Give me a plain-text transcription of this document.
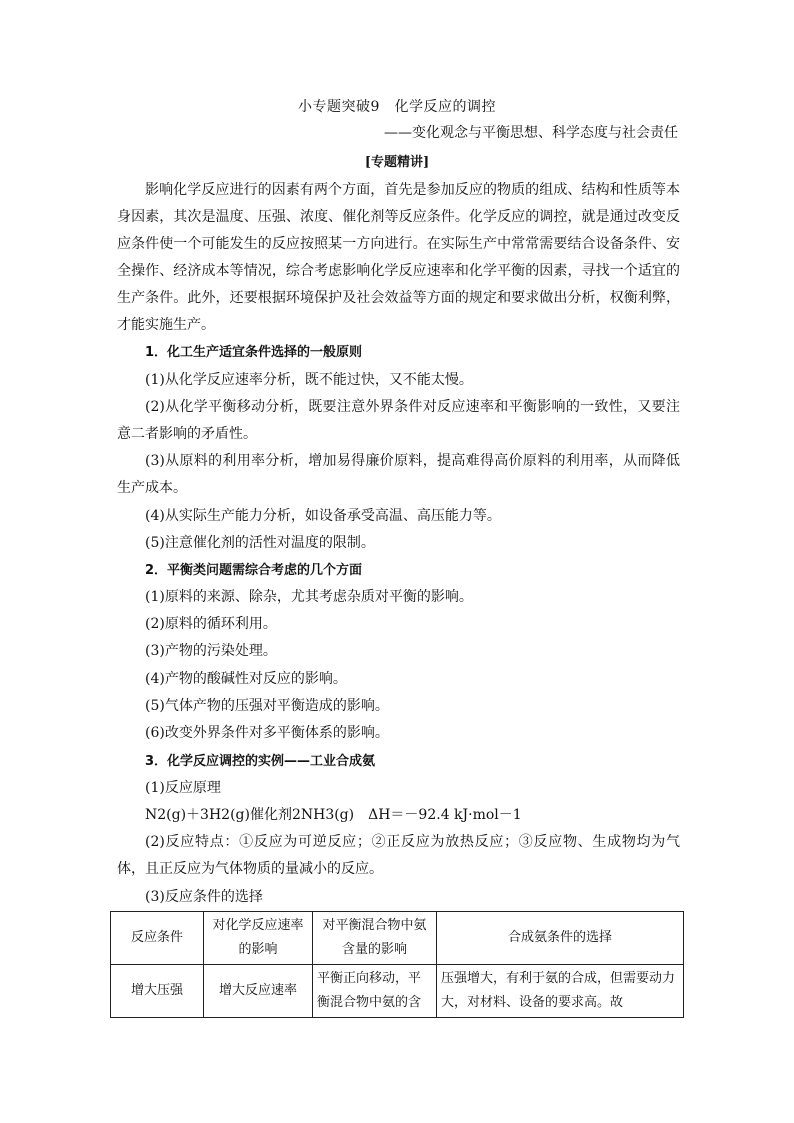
小专题突破9　化学反应的调控
——变化观念与平衡思想、科学态度与社会责任
[专题精讲]
影响化学反应进行的因素有两个方面，首先是参加反应的物质的组成、结构和性质等本身因素，其次是温度、压强、浓度、催化剂等反应条件。化学反应的调控，就是通过改变反应条件使一个可能发生的反应按照某一方向进行。在实际生产中常常需要结合设备条件、安全操作、经济成本等情况，综合考虑影响化学反应速率和化学平衡的因素，寻找一个适宜的生产条件。此外，还要根据环境保护及社会效益等方面的规定和要求做出分析，权衡利弊，才能实施生产。
1．化工生产适宜条件选择的一般原则
(1)从化学反应速率分析，既不能过快，又不能太慢。
(2)从化学平衡移动分析，既要注意外界条件对反应速率和平衡影响的一致性，又要注意二者影响的矛盾性。
(3)从原料的利用率分析，增加易得廉价原料，提高难得高价原料的利用率，从而降低生产成本。
(4)从实际生产能力分析，如设备承受高温、高压能力等。
(5)注意催化剂的活性对温度的限制。
2．平衡类问题需综合考虑的几个方面
(1)原料的来源、除杂，尤其考虑杂质对平衡的影响。
(2)原料的循环利用。
(3)产物的污染处理。
(4)产物的酸碱性对反应的影响。
(5)气体产物的压强对平衡造成的影响。
(6)改变外界条件对多平衡体系的影响。
3．化学反应调控的实例——工业合成氨
(1)反应原理
N2(g)＋3H2(g)催化剂2NH3(g)　ΔH＝－92.4 kJ·mol－1
(2)反应特点：①反应为可逆反应；②正反应为放热反应；③反应物、生成物均为气体，且正反应为气体物质的量减小的反应。
(3)反应条件的选择
反应条件	对化学反应速率的影响	对平衡混合物中氨含量的影响	合成氨条件的选择
增大压强	增大反应速率	平衡正向移动，平衡混合物中氨的含	压强增大，有利于氨的合成，但需要动力大，对材料、设备的要求高。故
